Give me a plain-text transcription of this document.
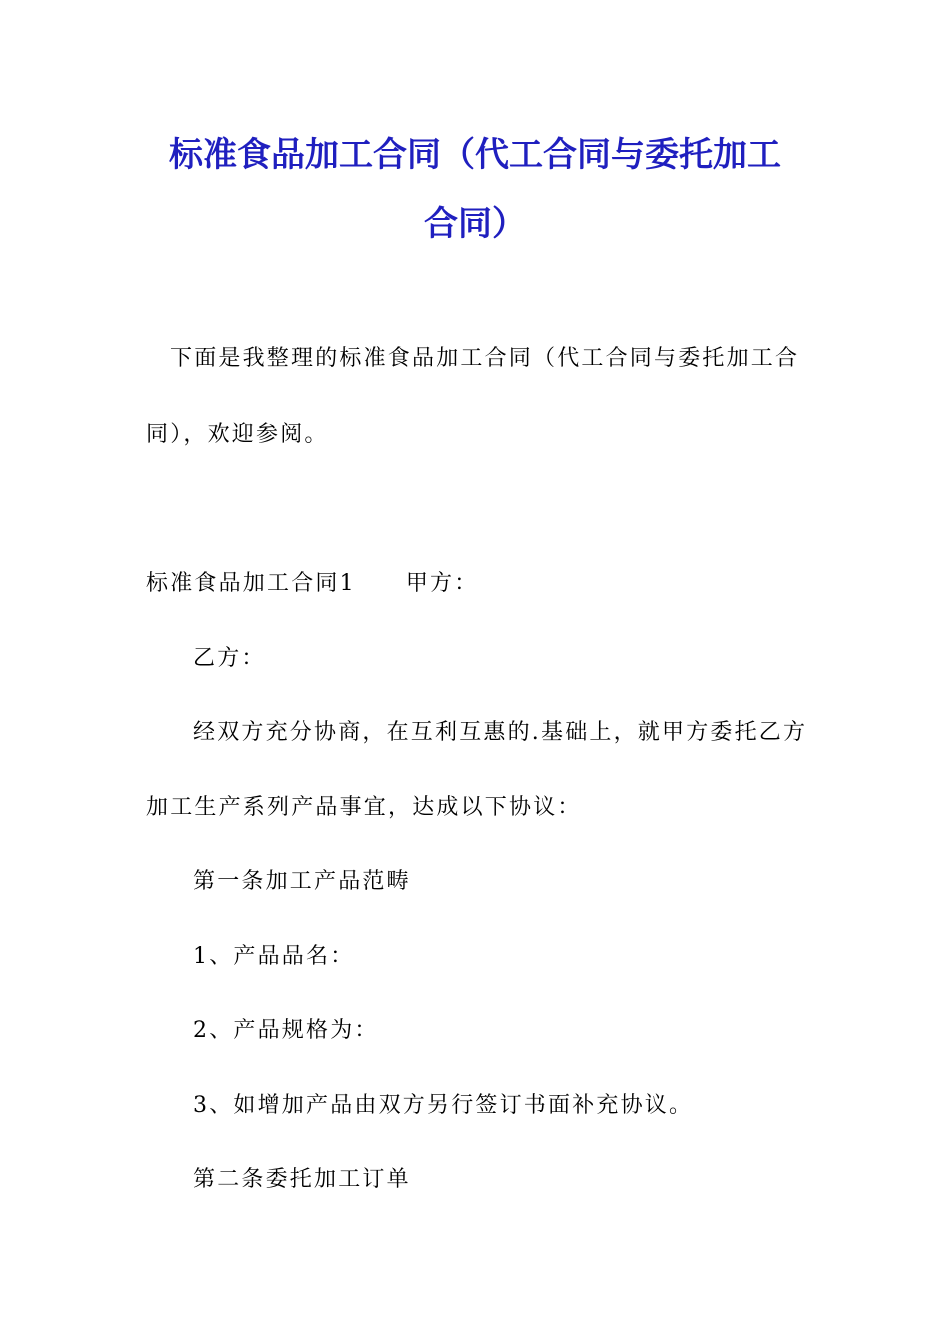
标准食品加工合同（代工合同与委托加工
合同）
下面是我整理的标准食品加工合同（代工合同与委托加工合
同），欢迎参阅。
标准食品加工合同1 甲方：
乙方：
经双方充分协商，在互利互惠的.基础上，就甲方委托乙方
加工生产系列产品事宜，达成以下协议：
第一条加工产品范畴
1、产品品名：
2、产品规格为：
3、如增加产品由双方另行签订书面补充协议。
第二条委托加工订单
